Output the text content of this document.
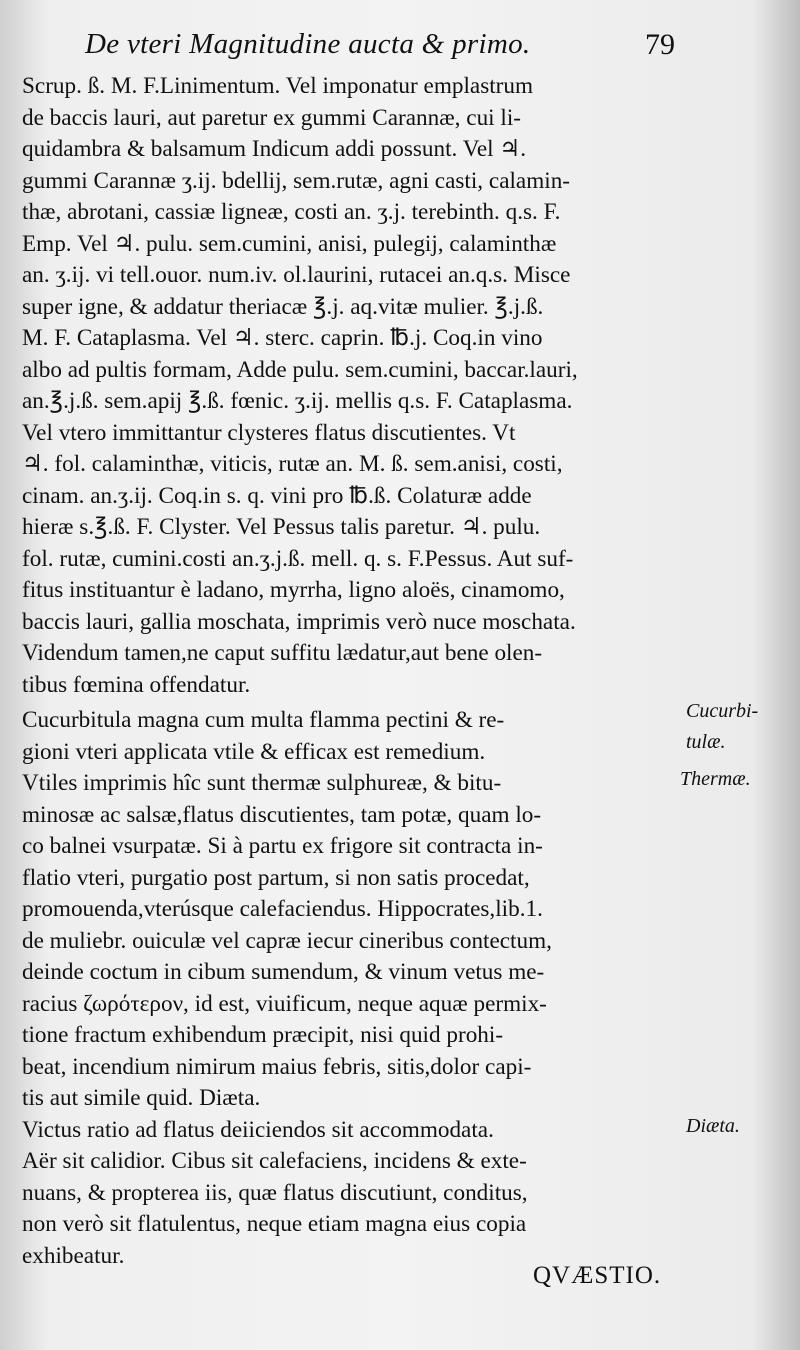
De vteri Magnitudine aucta & primo.	79
Scrup. ß. M. F.Linimentum. Vel imponatur emplastrum
de baccis lauri, aut paretur ex gummi Carannæ, cui li-
quidambra & balsamum Indicum addi possunt. Vel ♃.
gummi Carannæ ʒ.ij. bdellij, sem.rutæ, agni casti, calamin-
thæ, abrotani, cassiæ ligneæ, costi an. ʒ.j. terebinth. q.s. F.
Emp. Vel ♃. pulu. sem.cumini, anisi, pulegij, calaminthæ
an. ʒ.ij. vi tell.ouor. num.iv. ol.laurini, rutacei an.q.s. Misce
super igne, & addatur theriacæ ℥.j. aq.vitæ mulier. ℥.j.ß.
M. F. Cataplasma. Vel ♃. sterc. caprin. ℔.j. Coq.in vino
albo ad pultis formam, Adde pulu. sem.cumini, baccar.lauri,
an.℥.j.ß. sem.apij ℥.ß. fœnic. ʒ.ij. mellis q.s. F. Cataplasma.
Vel vtero immittantur clysteres flatus discutientes. Vt
♃. fol. calaminthæ, viticis, rutæ an. M. ß. sem.anisi, costi,
cinam. an.ʒ.ij. Coq.in s. q. vini pro ℔.ß. Colaturæ adde
hieræ s.℥.ß. F. Clyster. Vel Pessus talis paretur. ♃. pulu.
fol. rutæ, cumini.costi an.ʒ.j.ß. mell. q. s. F.Pessus. Aut suf-
fitus instituantur è ladano, myrrha, ligno aloës, cinamomo,
baccis lauri, gallia moschata, imprimis verò nuce moschata.
Videndum tamen,ne caput suffitu lædatur,aut bene olen-
tibus fœmina offendatur.
Cucurbitula magna cum multa flamma pectini & re-
gioni vteri applicata vtile & efficax est remedium.
Vtiles imprimis hîc sunt thermæ sulphureæ, & bitu-
minosæ ac salsæ,flatus discutientes, tam potæ, quam lo-
co balnei vsurpatæ. Si à partu ex frigore sit contracta in-
flatio vteri, purgatio post partum, si non satis procedat,
promouenda,vterúsque calefaciendus. Hippocrates,lib.1.
de muliebr. ouiculæ vel capræ iecur cineribus contectum,
deinde coctum in cibum sumendum, & vinum vetus me-
racius ζωρότερον, id est, viuificum, neque aquæ permix-
tione fractum exhibendum præcipit, nisi quid prohi-
beat, incendium nimirum maius febris, sitis,dolor capi-
tis aut simile quid. Diæta.
Victus ratio ad flatus deiiciendos sit accommodata.
Aër sit calidior. Cibus sit calefaciens, incidens & exte-
nuans, & propterea iis, quæ flatus discutiunt, conditus,
non verò sit flatulentus, neque etiam magna eius copia
exhibeatur.
Cucurbi-
tulæ.
Thermæ.
Diæta.
QVÆSTIO.
